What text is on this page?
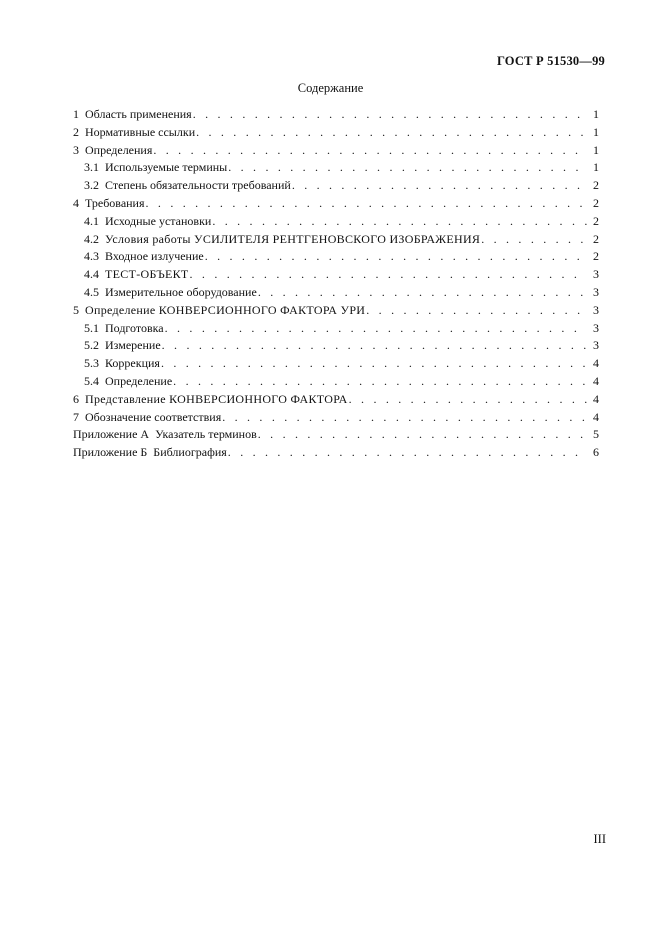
ГОСТ Р 51530—99
Содержание
1 Область применения . . .	1
2 Нормативные ссылки . . .	1
3 Определения . . .	1
3.1 Используемые термины . . .	1
3.2 Степень обязательности требований . . .	2
4 Требования . . .	2
4.1 Исходные установки . . .	2
4.2 Условия работы УСИЛИТЕЛЯ РЕНТГЕНОВСКОГО ИЗОБРАЖЕНИЯ . . .	2
4.3 Входное излучение . . .	2
4.4 ТЕСТ-ОБЪЕКТ . . .	3
4.5 Измерительное оборудование . . .	3
5 Определение КОНВЕРСИОННОГО ФАКТОРА УРИ . . .	3
5.1 Подготовка . . .	3
5.2 Измерение . . .	3
5.3 Коррекция . . .	4
5.4 Определение . . .	4
6 Представление КОНВЕРСИОННОГО ФАКТОРА . . .	4
7 Обозначение соответствия . . .	4
Приложение А Указатель терминов . . .	5
Приложение Б Библиография . . .	6
III
